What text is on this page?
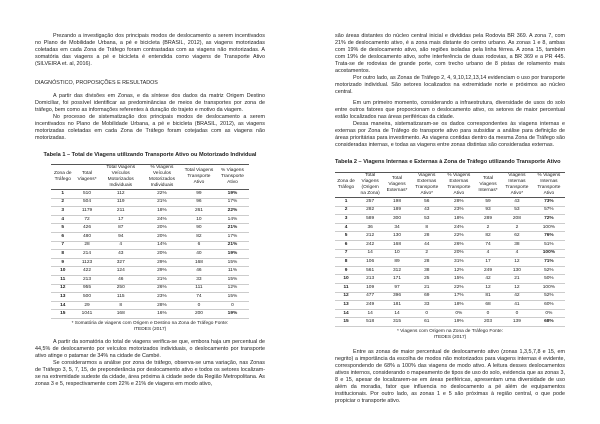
Prezando a investigação dos principais modos de deslocamento a serem incentivados no Plano de Mobilidade Urbana, a pé e bicicleta (BRASIL, 2012), as viagens motorizadas coletadas em cada Zona de Tráfego foram contrastadas com as viagens não motorizadas. A somatória das viagens a pé e bicicleta é entendida como viagens de Transporte Ativo (SILVEIRA et. al, 2016).

DIAGNÓSTICO, PROPOSIÇÕES E RESULTADOS

A partir das divisões em Zonas, e da síntese dos dados da matriz Origem Destino Domiciliar, foi possível identificar as predominâncias de meios de transportes por zona de tráfego, bem como as informações referentes à duração do trajeto e motivo da viagem.

No processo de sistematização dos principais modos de deslocamento a serem incentivados no Plano de Mobilidade Urbana, a pé e bicicleta (BRASIL, 2012), as viagens motorizadas coletadas em cada Zona de Tráfego foram cotejadas com as viagens não motorizadas.

Tabela 1 – Total de Viagens utilizando Transporte Ativo ou Motorizado Individual

Zona de Tráfego	Total Viagens*	Total Viagens Veículos Motorizados Individuais	% Viagens Veículos Motorizados Individuais	Total Viagens Transporte Ativo	% Viagens Transporte Ativo
1	510	112	22%	99	19%
2	504	119	21%	96	17%
3	1179	211	18%	261	22%
4	72	17	24%	10	14%
5	426	87	20%	90	21%
6	480	94	20%	82	17%
7	28	4	14%	6	21%
8	214	43	20%	40	19%
9	1123	327	29%	168	15%
10	422	124	29%	46	11%
11	213	46	21%	33	15%
12	955	250	26%	111	12%
13	500	115	23%	74	15%
14	29	8	28%	0	0
15	1041	168	16%	200	19%

* Somatória de viagens com Origem e Destino na Zona de Tráfego Fonte:

ITEDES (2017)

A partir da somatória do total de viagens verifica-se que, embora haja um percentual de 44,5% de deslocamento por veículos motorizados individuais, o deslocamento por transporte ativo atinge o patamar de 34% na cidade de Cambé.

Se considerarmos a análise por zona de tráfego, observa-se uma variação, nas Zonas de Tráfego 3, 5, 7, 15, de preponderância por deslocamento ativo e todos os setores localizam-se na extremidade sudeste da cidade, área próxima à cidade sede da Região Metropolitana. As zonas 3 e 5, respectivamente com 22% e 21% de viagens em modo ativo,

são áreas distantes do núcleo central inicial e divididas pela Rodovia BR 369. A zona 7, com 21% de deslocamento ativo, é a zona mais distante do centro urbano. As zonas 1 e 8, ambas com 19% de deslocamento ativo, são regiões isoladas pela linha férrea. A zona 15, também com 19% de deslocamento ativo, sofre interferência de duas rodovias, a BR 369 e a PR 445. Trata-se de rodovias de grande porte, com trecho urbano de 8 pistas de rolamento mais acostamentos.

Por outro lado, as Zonas de Tráfego 2, 4, 9,10,12,13,14 evidenciam o uso por transporte motorizado individual. São setores localizados na extremidade norte e próximos ao núcleo central.

Em um primeiro momento, considerando a infraestrutura, diversidade de usos do solo entre outros fatores que proporcionam o deslocamento ativo, os setores de maior percentual estão localizados nas áreas periféricas da cidade.

Dessa maneira, sistematizaram-se os dados correspondentes às viagens internas e externas por Zona de Tráfego do transporte ativo para subsidiar a análise para definição de áreas prioritárias para investimento. As viagens contidas dentro da mesma Zona de Tráfego são consideradas internas, e todas as viagens entre zonas distintas são consideradas externas.

Tabela 2 – Viagens Internas e Externas à Zona de Tráfego utilizando Transporte Ativo

Zona de Tráfego	Total Viagens (Origem na Zona)	Total Viagens Externas*	Viagens Externas Transporte Ativo*	% Viagens Externas Transporte Ativo	Total Viagens Internas*	Viagens Internas Transporte Ativo*	% Viagens Internas Transporte Ativo
1	257	198	56	28%	59	43	73%
2	282	189	43	23%	93	53	57%
3	589	300	53	18%	289	208	72%
4	36	34	8	24%	2	2	100%
5	212	130	28	22%	82	62	76%
6	242	168	44	26%	74	38	51%
7	14	10	2	20%	4	4	100%
8	106	89	28	31%	17	12	71%
9	561	312	38	12%	249	130	52%
10	213	171	25	15%	42	21	50%
11	109	97	21	22%	12	12	100%
12	477	396	69	17%	81	42	52%
13	249	181	33	18%	68	41	60%
14	14	14	0	0%	0	0	0%
15	518	315	61	19%	203	139	68%

* Viagens com Origem na Zona de Tráfego Fonte:

ITEDES (2017)

Entre as zonas de maior percentual de deslocamento ativo (zonas 1,3,5,7,8 e 15, em negrito) a importância da escolha de modos não motorizados para viagens internas é evidente, correspondendo de 68% a 100% das viagens de modo ativo. A leitura desses deslocamentos ativos internos, considerando o mapeamento de tipos de uso do solo, evidencia que as zonas 3, 8 e 15, apesar de localizarem-se em áreas periféricas, apresentam uma diversidade de uso além da moradia, fator que influencia no deslocamento a pé além de equipamentos institucionais. Por outro lado, as zonas 1 e 5 são próximas à região central, o que pode propiciar o transporte ativo.
